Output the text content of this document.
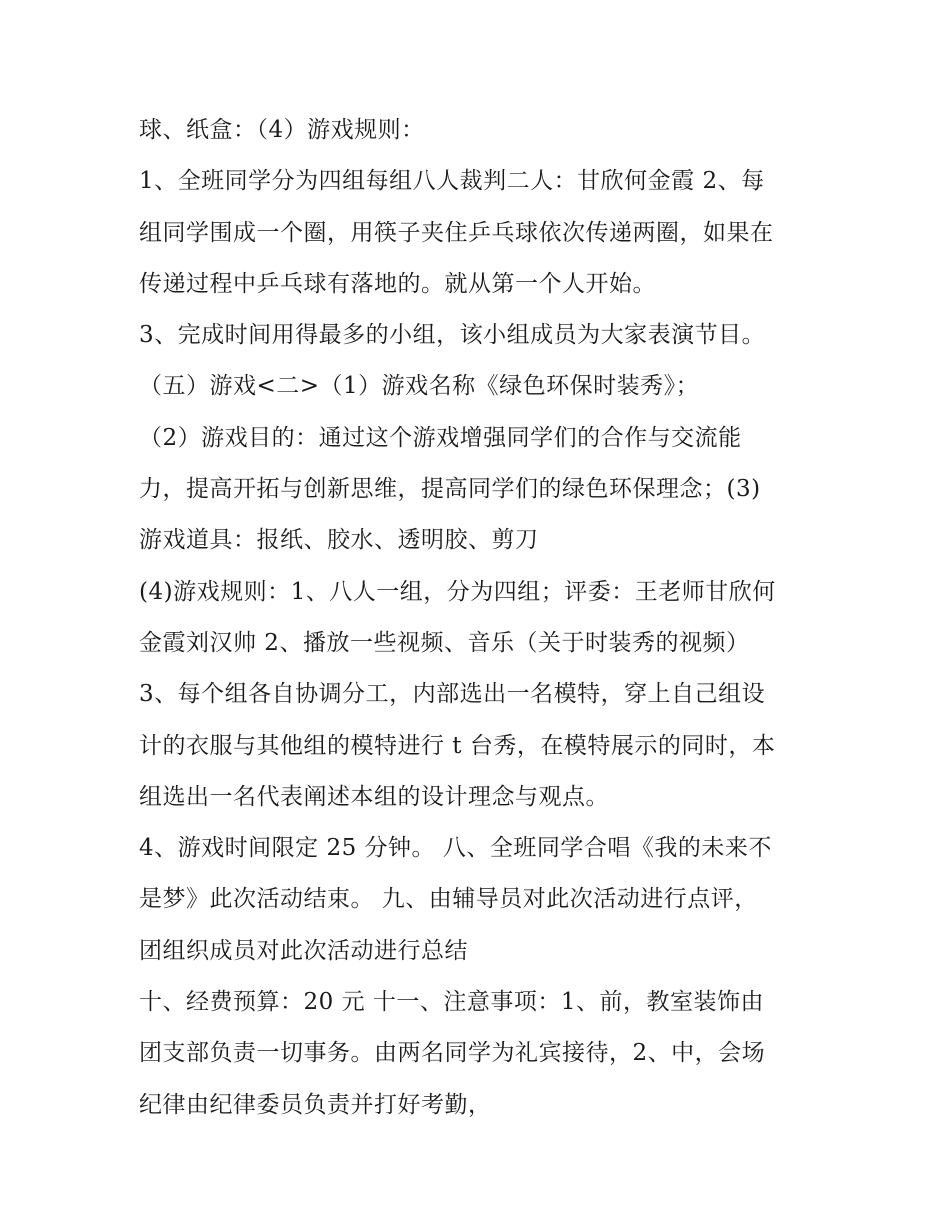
球、纸盒：（4）游戏规则：
1、全班同学分为四组每组八人裁判二人：甘欣何金霞 2、每
组同学围成一个圈，用筷子夹住乒乓球依次传递两圈，如果在
传递过程中乒乓球有落地的。就从第一个人开始。
3、完成时间用得最多的小组，该小组成员为大家表演节目。
（五）游戏<二>（1）游戏名称《绿色环保时装秀》；
（2）游戏目的：通过这个游戏增强同学们的合作与交流能
力，提高开拓与创新思维，提高同学们的绿色环保理念；(3)
游戏道具：报纸、胶水、透明胶、剪刀
(4)游戏规则：1、八人一组，分为四组；评委：王老师甘欣何
金霞刘汉帅 2、播放一些视频、音乐（关于时装秀的视频）
3、每个组各自协调分工，内部选出一名模特，穿上自己组设
计的衣服与其他组的模特进行 t 台秀，在模特展示的同时，本
组选出一名代表阐述本组的设计理念与观点。
4、游戏时间限定 25 分钟。 八、全班同学合唱《我的未来不
是梦》此次活动结束。 九、由辅导员对此次活动进行点评，
团组织成员对此次活动进行总结
十、经费预算：20 元 十一、注意事项：1、前，教室装饰由
团支部负责一切事务。由两名同学为礼宾接待，2、中，会场
纪律由纪律委员负责并打好考勤，
